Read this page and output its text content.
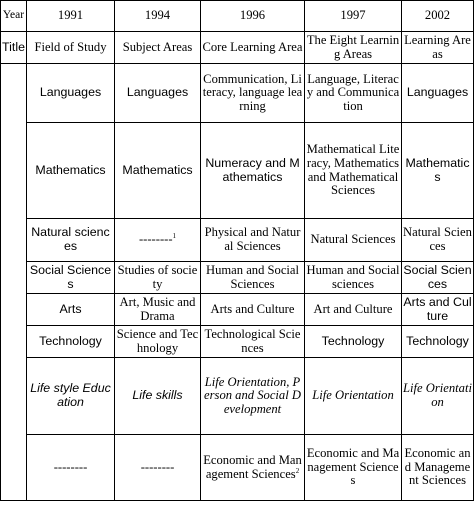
Year	1991	1994	1996	1997	2002
Title	Field of Study	Subject Areas	Core Learning Area	The Eight Learning Areas	Learning Areas
	Languages	Languages	Communication, Literacy, language learning	Language, Literacy and Communication	Languages
	Mathematics	Mathematics	Numeracy and Mathematics	Mathematical Literacy, Mathematics and Mathematical Sciences	Mathematics
	Natural sciences	--------$^1$	Physical and Natural Sciences	Natural Sciences	Natural Sciences
	Social Sciences	Studies of society	Human and Social Sciences	Human and Social sciences	Social Sciences
	Arts	Art, Music and Drama	Arts and Culture	Art and Culture	Arts and Culture
	Technology	Science and Technology	Technological Sciences	Technology	Technology
	Life style Education	Life skills	Life Orientation, Person and Social Development	Life Orientation	Life Orientation
	--------	--------	Economic and Management Sciences$^2$	Economic and Management Sciences	Economic and Management Sciences
